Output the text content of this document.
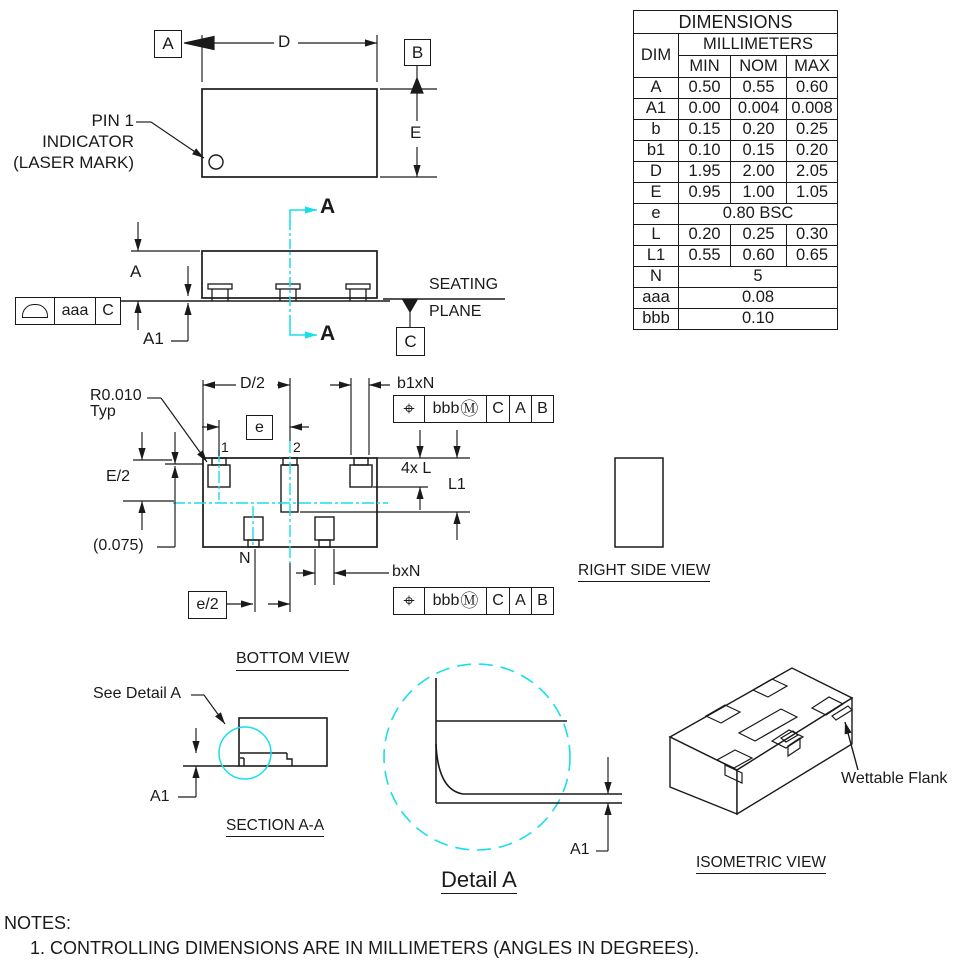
DIMENSIONS			
DIM	MILLIMETERS		
	MIN	NOM	MAX
A	0.50	0.55	0.60
A1	0.00	0.004	0.008
b	0.15	0.20	0.25
b1	0.10	0.15	0.20
D	1.95	2.00	2.05
E	0.95	1.00	1.05
e	0.80 BSC		
L	0.20	0.25	0.30
L1	0.55	0.60	0.65
N	5		
aaa	0.08		
bbb	0.10		
PIN 1
INDICATOR
(LASER MARK)
A	B
D
E
A
A1
aaa C
A
A
SEATING
PLANE
C
R0.010
Typ
D/2	b1xN
e
1	2
E/2
(0.075)
4x L
L1
N
e/2
bxN
BOTTOM VIEW
⌖ bbb Ⓜ C A B
⌖ bbb Ⓜ C A B
See Detail A
A1
SECTION A-A
A1
Detail A
RIGHT SIDE VIEW
Wettable Flank
ISOMETRIC VIEW
NOTES:
1. CONTROLLING DIMENSIONS ARE IN MILLIMETERS (ANGLES IN DEGREES).
